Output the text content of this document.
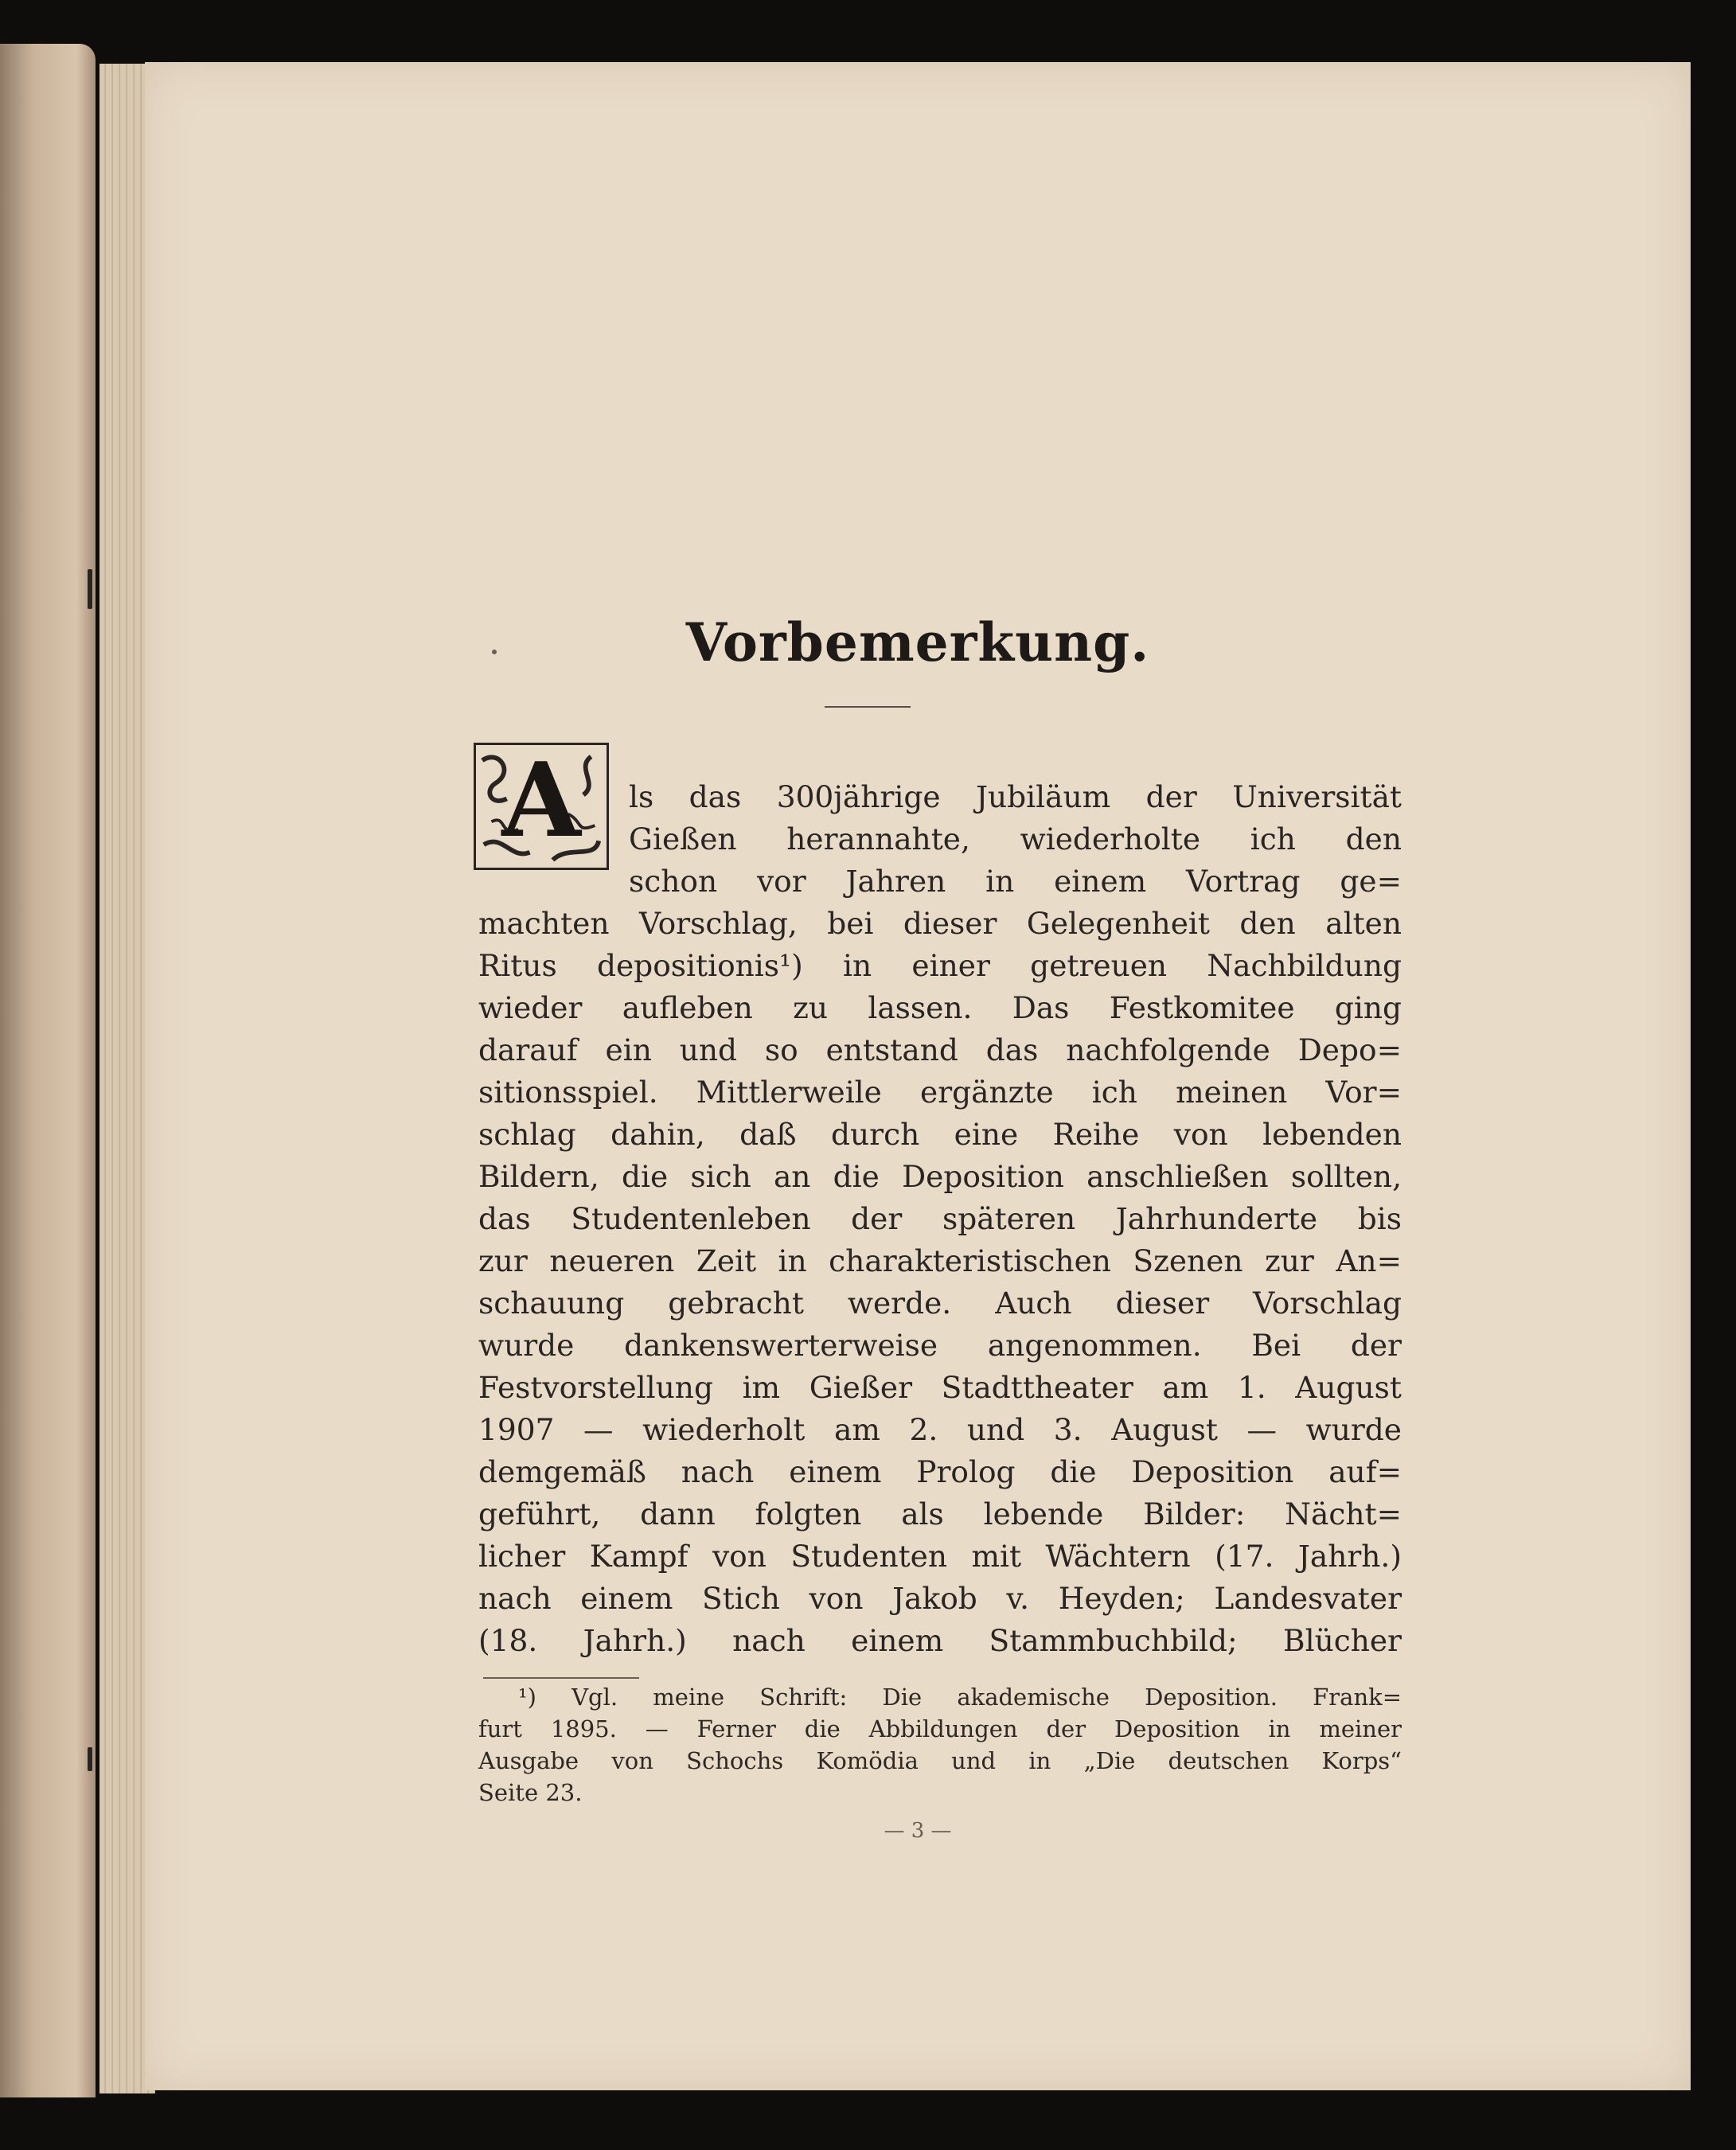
Vorbemerkung.
A	ls das 300jährige Jubiläum der Universität
Gießen herannahte, wiederholte ich den
schon vor Jahren in einem Vortrag ge=
machten Vorschlag, bei dieser Gelegenheit den alten
Ritus depositionis¹) in einer getreuen Nachbildung
wieder aufleben zu lassen. Das Festkomitee ging
darauf ein und so entstand das nachfolgende Depo=
sitionsspiel. Mittlerweile ergänzte ich meinen Vor=
schlag dahin, daß durch eine Reihe von lebenden
Bildern, die sich an die Deposition anschließen sollten,
das Studentenleben der späteren Jahrhunderte bis
zur neueren Zeit in charakteristischen Szenen zur An=
schauung gebracht werde. Auch dieser Vorschlag
wurde dankenswerterweise angenommen. Bei der
Festvorstellung im Gießer Stadttheater am 1. August
1907 — wiederholt am 2. und 3. August — wurde
demgemäß nach einem Prolog die Deposition auf=
geführt, dann folgten als lebende Bilder: Nächt=
licher Kampf von Studenten mit Wächtern (17. Jahrh.)
nach einem Stich von Jakob v. Heyden; Landesvater
(18. Jahrh.) nach einem Stammbuchbild; Blücher
¹) Vgl. meine Schrift: Die akademische Deposition. Frank=
furt 1895. — Ferner die Abbildungen der Deposition in meiner
Ausgabe von Schochs Komödia und in „Die deutschen Korps“
Seite 23.
— 3 —
